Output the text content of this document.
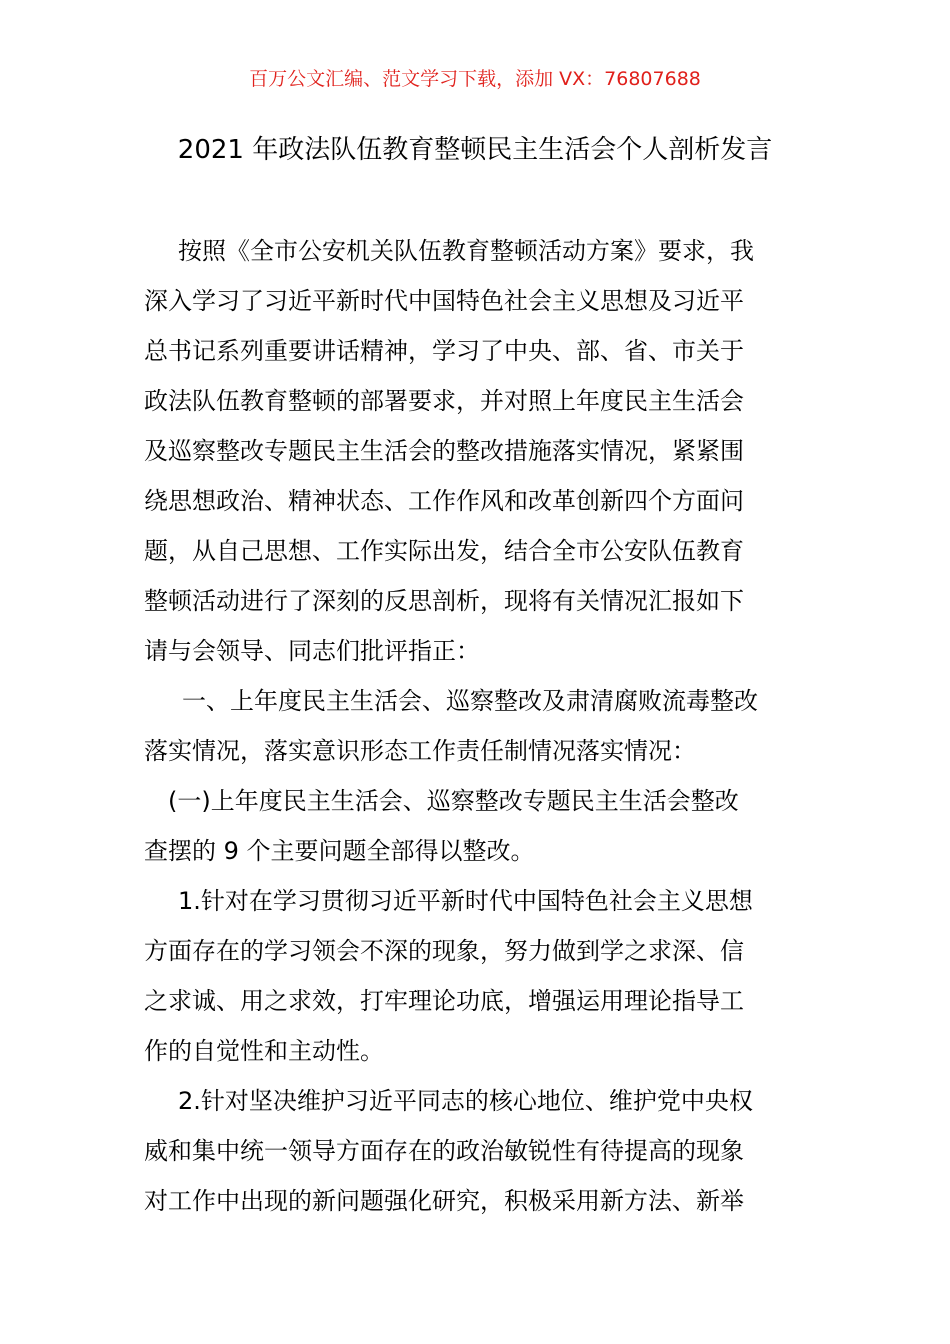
百万公文汇编、范文学习下载，添加 VX：76807688
2021 年政法队伍教育整顿民主生活会个人剖析发言
按照《全市公安机关队伍教育整顿活动方案》要求，我
深入学习了习近平新时代中国特色社会主义思想及习近平
总书记系列重要讲话精神，学习了中央、部、省、市关于
政法队伍教育整顿的部署要求，并对照上年度民主生活会
及巡察整改专题民主生活会的整改措施落实情况，紧紧围
绕思想政治、精神状态、工作作风和改革创新四个方面问
题，从自己思想、工作实际出发，结合全市公安队伍教育
整顿活动进行了深刻的反思剖析，现将有关情况汇报如下
请与会领导、同志们批评指正：
一、上年度民主生活会、巡察整改及肃清腐败流毒整改
落实情况，落实意识形态工作责任制情况落实情况：
(一)上年度民主生活会、巡察整改专题民主生活会整改
查摆的 9 个主要问题全部得以整改。
1.针对在学习贯彻习近平新时代中国特色社会主义思想
方面存在的学习领会不深的现象，努力做到学之求深、信
之求诚、用之求效，打牢理论功底，增强运用理论指导工
作的自觉性和主动性。
2.针对坚决维护习近平同志的核心地位、维护党中央权
威和集中统一领导方面存在的政治敏锐性有待提高的现象
对工作中出现的新问题强化研究，积极采用新方法、新举
